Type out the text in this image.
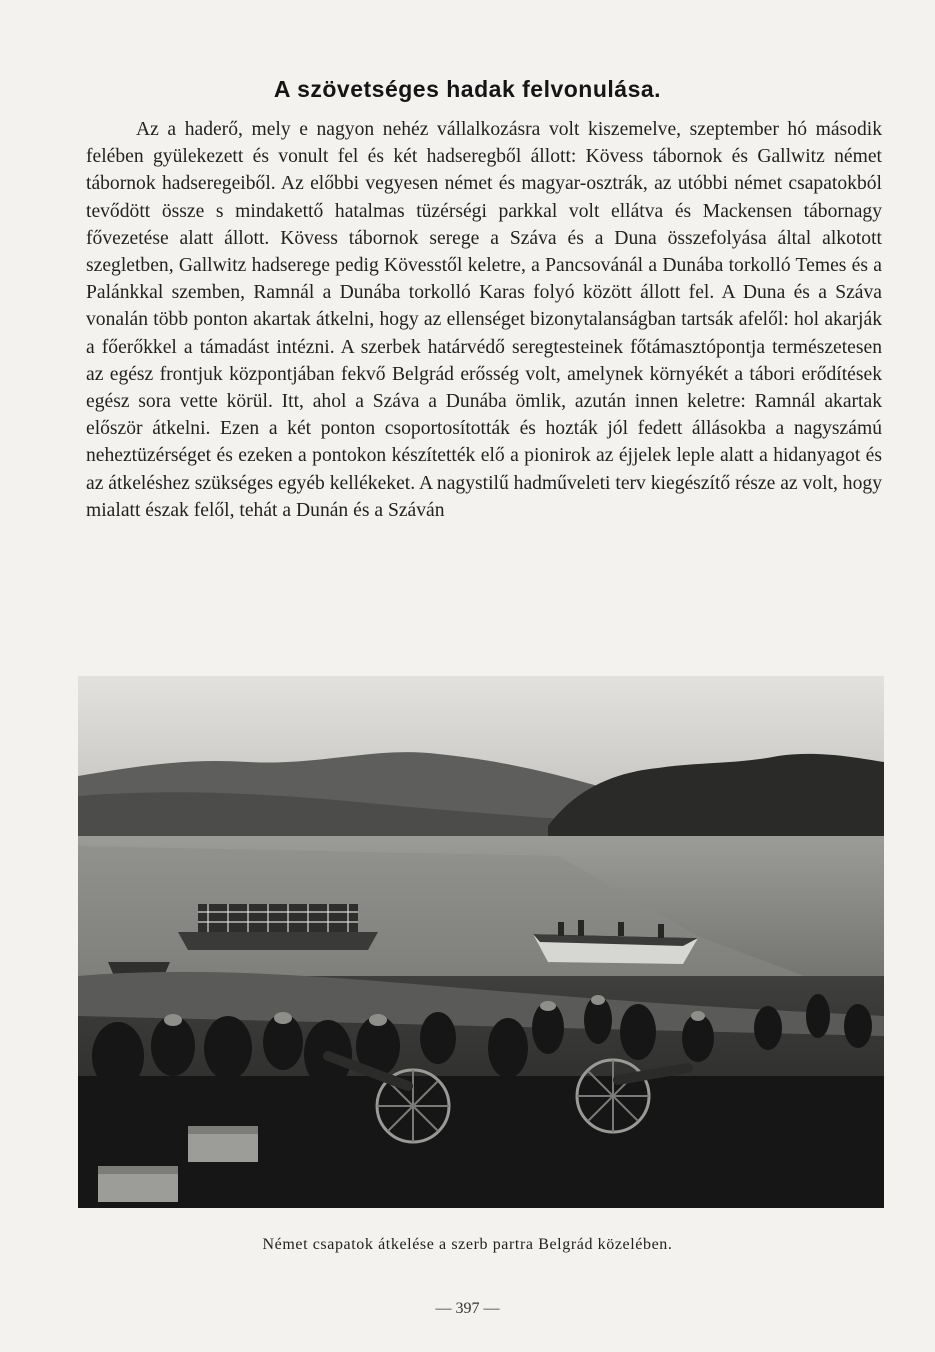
A szövetséges hadak felvonulása.

Az a haderő, mely e nagyon nehéz vállalkozásra volt kiszemelve, szeptember hó második felében gyülekezett és vonult fel és két hadseregből állott: Kövess tábornok és Gallwitz német tábornok hadseregeiből. Az előbbi vegyesen német és magyar-osztrák, az utóbbi német csapatokból tevődött össze s mindakettő hatalmas tüzérségi parkkal volt ellátva és Mackensen tábornagy fővezetése alatt állott. Kövess tábornok serege a Száva és a Duna összefolyása által alkotott szegletben, Gallwitz hadserege pedig Kövesstől keletre, a Pancsovánál a Dunába torkolló Temes és a Palánkkal szemben, Ramnál a Dunába torkolló Karas folyó között állott fel. A Duna és a Száva vonalán több ponton akartak átkelni, hogy az ellenséget bizonytalanságban tartsák afelől: hol akarják a főerőkkel a támadást intézni. A szerbek határvédő seregtesteinek főtámasztópontja természetesen az egész frontjuk központjában fekvő Belgrád erősség volt, amelynek környékét a tábori erődítések egész sora vette körül. Itt, ahol a Száva a Dunába ömlik, azután innen keletre: Ramnál akartak először átkelni. Ezen a két ponton csoportosították és hozták jól fedett állásokba a nagyszámú neheztüzérséget és ezeken a pontokon készítették elő a pionirok az éjjelek leple alatt a hidanyagot és az átkeléshez szükséges egyéb kellékeket. A nagystilű hadműveleti terv kiegészítő része az volt, hogy mialatt észak felől, tehát a Dunán és a Száván

Német csapatok átkelése a szerb partra Belgrád közelében.
— 397 —
